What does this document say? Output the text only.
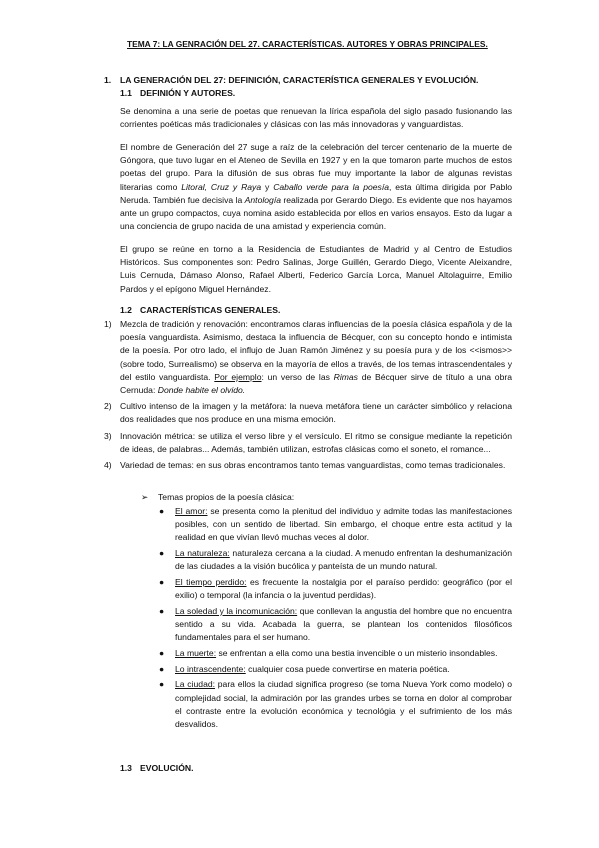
TEMA 7: LA GENRACIÓN DEL 27. CARACTERÍSTICAS. AUTORES Y OBRAS PRINCIPALES.
1. LA GENERACIÓN DEL 27: DEFINICIÓN, CARACTERÍSTICA GENERALES Y EVOLUCIÓN.
1.1 DEFINIÓN Y AUTORES.

Se denomina a una serie de poetas que renuevan la lírica española del siglo pasado fusionando las corrientes poéticas más tradicionales y clásicas con las más innovadoras y vanguardistas.

El nombre de Generación del 27 suge a raíz de la celebración del tercer centenario de la muerte de Góngora, que tuvo lugar en el Ateneo de Sevilla en 1927 y en la que tomaron parte muchos de estos poetas del grupo. Para la difusión de sus obras fue muy importante la labor de algunas revistas literarias como Litoral, Cruz y Raya y Caballo verde para la poesía, esta última dirigida por Pablo Neruda. También fue decisiva la Antología realizada por Gerardo Diego. Es evidente que nos hayamos ante un grupo compactos, cuya nomina asido establecida por ellos en varios ensayos. Esto da lugar a una conciencia de grupo nacida de una amistad y experiencia común.

El grupo se reúne en torno a la Residencia de Estudiantes de Madrid y al Centro de Estudios Históricos. Sus componentes son: Pedro Salinas, Jorge Guillén, Gerardo Diego, Vicente Aleixandre, Luis Cernuda, Dámaso Alonso, Rafael Alberti, Federico García Lorca, Manuel Altolaguirre, Emilio Pardos y el epígono Miguel Hernández.

1.2 CARACTERÍSTICAS GENERALES.
1) Mezcla de tradición y renovación: encontramos claras influencias de la poesía clásica española y de la poesía vanguardista. Asimismo, destaca la influencia de Bécquer, con su concepto hondo e intimista de la poesía. Por otro lado, el influjo de Juan Ramón Jiménez y su poesía pura y de los <<ismos>> (sobre todo, Surrealismo) se observa en la mayoría de ellos a través, de los temas intrascendentales y del estilo vanguardista. Por ejemplo: un verso de las Rimas de Bécquer sirve de título a una obra Cernuda: Donde habite el olvido.
2) Cultivo intenso de la imagen y la metáfora: la nueva metáfora tiene un carácter simbólico y relaciona dos realidades que nos produce en una misma emoción.
3) Innovación métrica: se utiliza el verso libre y el versículo. El ritmo se consigue mediante la repetición de ideas, de palabras... Además, también utilizan, estrofas clásicas como el soneto, el romance...
4) Variedad de temas: en sus obras encontramos tanto temas vanguardistas, como temas tradicionales.
➢ Temas propios de la poesía clásica:
● El amor: se presenta como la plenitud del individuo y admite todas las manifestaciones posibles, con un sentido de libertad. Sin embargo, el choque entre esta actitud y la realidad en que vivían llevó muchas veces al dolor.
● La naturaleza: naturaleza cercana a la ciudad. A menudo enfrentan la deshumanización de las ciudades a la visión bucólica y panteísta de un mundo natural.
● El tiempo perdido: es frecuente la nostalgia por el paraíso perdido: geográfico (por el exilio) o temporal (la infancia o la juventud perdidas).
● La soledad y la incomunicación: que conllevan la angustia del hombre que no encuentra sentido a su vida. Acabada la guerra, se plantean los contenidos filosóficos fundamentales para el ser humano.
● La muerte: se enfrentan a ella como una bestia invencible o un misterio insondables.
● Lo intrascendente: cualquier cosa puede convertirse en materia poética.
● La ciudad: para ellos la ciudad significa progreso (se toma Nueva York como modelo) o complejidad social, la admiración por las grandes urbes se torna en dolor al comprobar el contraste entre la evolución económica y tecnológia y el sufrimiento de los más desvalidos.
1.3 EVOLUCIÓN.
